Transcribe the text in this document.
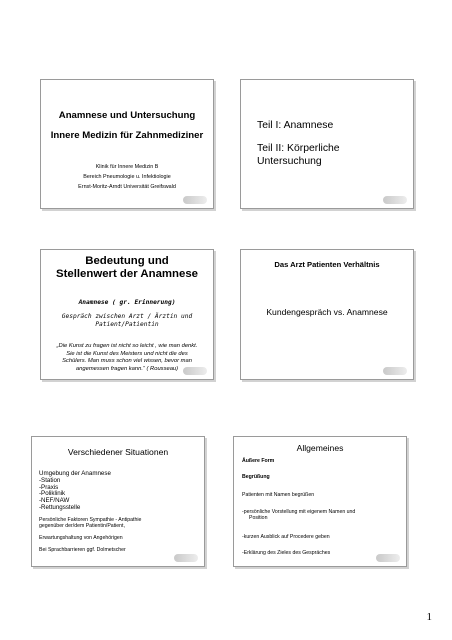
Anamnese und Untersuchung
Innere Medizin für Zahnmediziner
Klinik für Innere Medizin B
Bereich Pneumologie u. Infektiologie
Ernst-Moritz-Arndt Universität Greifswald
Teil I: Anamnese
Teil II: Körperliche Untersuchung
Bedeutung und
Stellenwert der Anamnese
Anamnese ( gr. Erinnerung)
Gespräch zwischen Arzt / Ärztin und
Patient/Patientin
„Die Kunst zu fragen ist nicht so leicht , wie man denkt.
Sie ist die Kunst des Meisters und nicht die des
Schülers. Man muss schon viel wissen, bevor man
angemessen fragen kann.“ ( Rousseau)
Das Arzt Patienten Verhältnis
Kundengespräch vs. Anamnese
Verschiedener Situationen
Umgebung der Anamnese
-Station
-Praxis
-Poliklinik
-NEF/NAW
-Rettungsstelle
Persönliche Faktoren Sympathie - Antipathie
gegenüber der/dem Patientin/Patient,
Erwartungshaltung von Angehörigen
Bei Sprachbarrieren ggf. Dolmetscher
Allgemeines
Äußere Form
Begrüßung
Patienten mit Namen begrüßen
-persönliche Vorstellung mit eigenem Namen und
Position
-kurzen Ausblick auf Procedere geben
-Erklärung des Zieles des Gespräches
1
